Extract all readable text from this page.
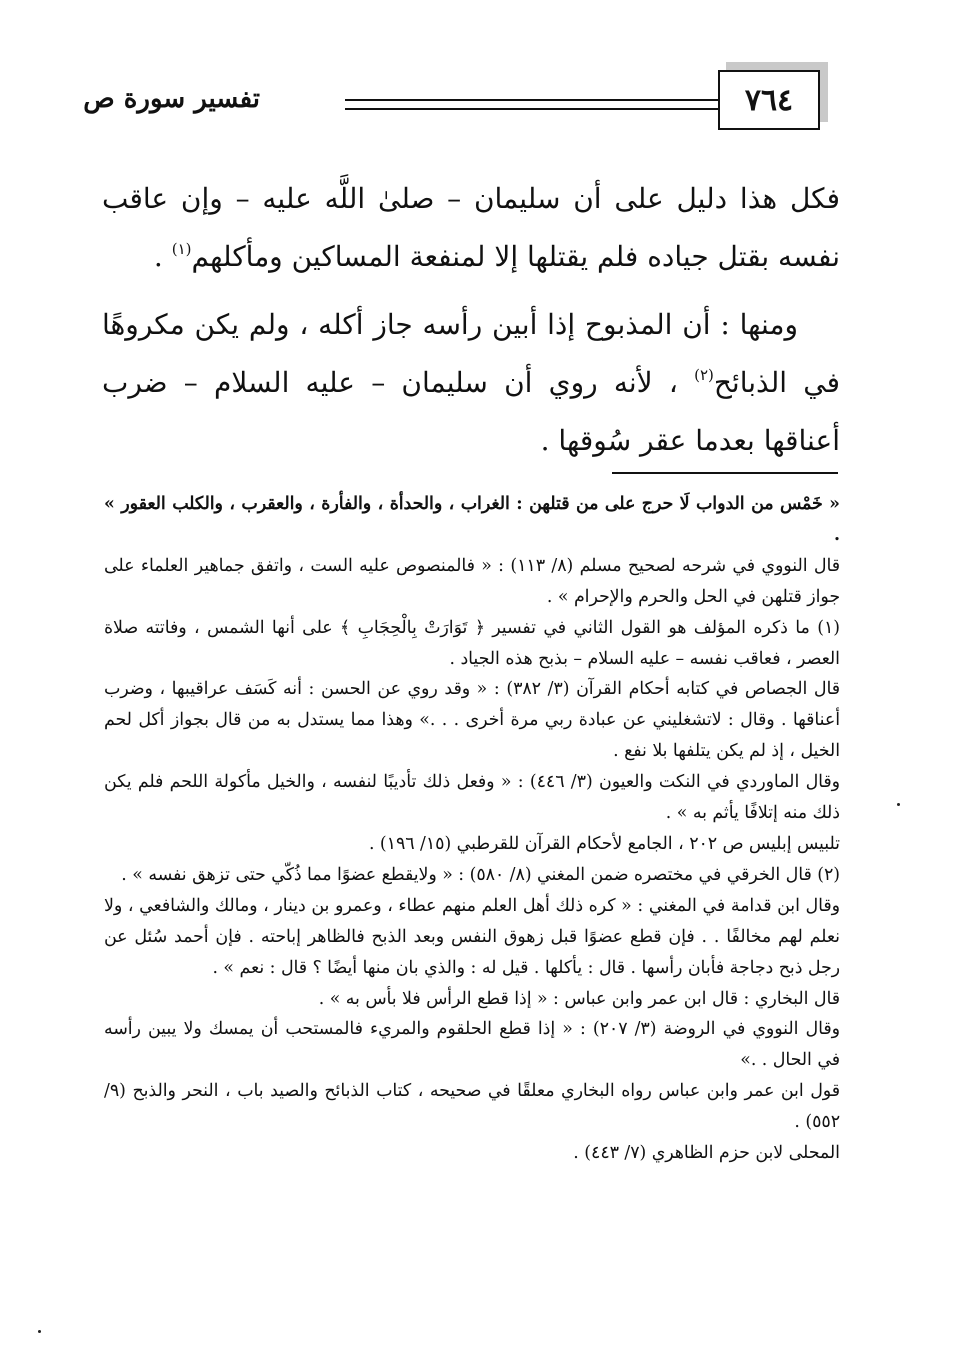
٧٦٤
تفسير سورة ص

فكل هذا دليل على أن سليمان – صلىٰ اللَّه عليه – وإن عاقب نفسه بقتل جياده فلم يقتلها إلا لمنفعة المساكين ومأكلهم$^{(١)}$ .

ومنها : أن المذبوح إذا أبين رأسه جاز أكله ، ولم يكن مكروهًا في الذبائح$^{(٢)}$ ، لأنه روي أن سليمان – عليه السلام – ضرب أعناقها بعدما عقر سُوقها .

« خَمْس من الدواب لَا حرج على من قتلهن : الغراب ، والحدأة ، والفأرة ، والعقرب ، والكلب العقور » .

قال النووي في شرحه لصحيح مسلم (٨/ ١١٣) : « فالمنصوص عليه الست ، واتفق جماهير العلماء على جواز قتلهن في الحل والحرم والإحرام » .

(١) ما ذكره المؤلف هو القول الثاني في تفسير ﴿ تَوَارَتْ بِالْحِجَابِ ﴾ على أنها الشمس ، وفاتته صلاة العصر ، فعاقب نفسه – عليه السلام – بذبح هذه الجياد .

قال الجصاص في كتابه أحكام القرآن (٣/ ٣٨٢) : « وقد روي عن الحسن : أنه كَسَف عراقيبها ، وضرب أعناقها . وقال : لاتشغليني عن عبادة ربي مرة أخرى . . .» وهذا مما يستدل به من قال بجواز أكل لحم الخيل ، إذ لم يكن يتلفها بلا نفع .

وقال الماوردي في النكت والعيون (٣/ ٤٤٦) : « وفعل ذلك تأديبًا لنفسه ، والخيل مأكولة اللحم فلم يكن ذلك منه إتلافًا يأثم به » .

تلبيس إبليس ص ٢٠٢ ، الجامع لأحكام القرآن للقرطبي (١٥/ ١٩٦) .

(٢) قال الخرقي في مختصره ضمن المغني (٨/ ٥٨٠) : « ولايقطع عضوًا مما ذُكّي حتى تزهق نفسه » .

وقال ابن قدامة في المغني : « كره ذلك أهل العلم منهم عطاء ، وعمرو بن دينار ، ومالك والشافعي ، ولا نعلم لهم مخالفًا . . فإن قطع عضوًا قبل زهوق النفس وبعد الذبح فالظاهر إباحته . فإن أحمد سُئل عن رجل ذبح دجاجة فأبان رأسها . قال : يأكلها . قيل له : والذي بان منها أيضًا ؟ قال : نعم » .

قال البخاري : قال ابن عمر وابن عباس : « إذا قطع الرأس فلا بأس به » .

وقال النووي في الروضة (٣/ ٢٠٧) : « إذا قطع الحلقوم والمريء فالمستحب أن يمسك ولا يبين رأسه في الحال . .»

قول ابن عمر وابن عباس رواه البخاري معلقًا في صحيحه ، كتاب الذبائح والصيد باب ، النحر والذبح (٩/ ٥٥٢) .

المحلى لابن حزم الظاهري (٧/ ٤٤٣) .
